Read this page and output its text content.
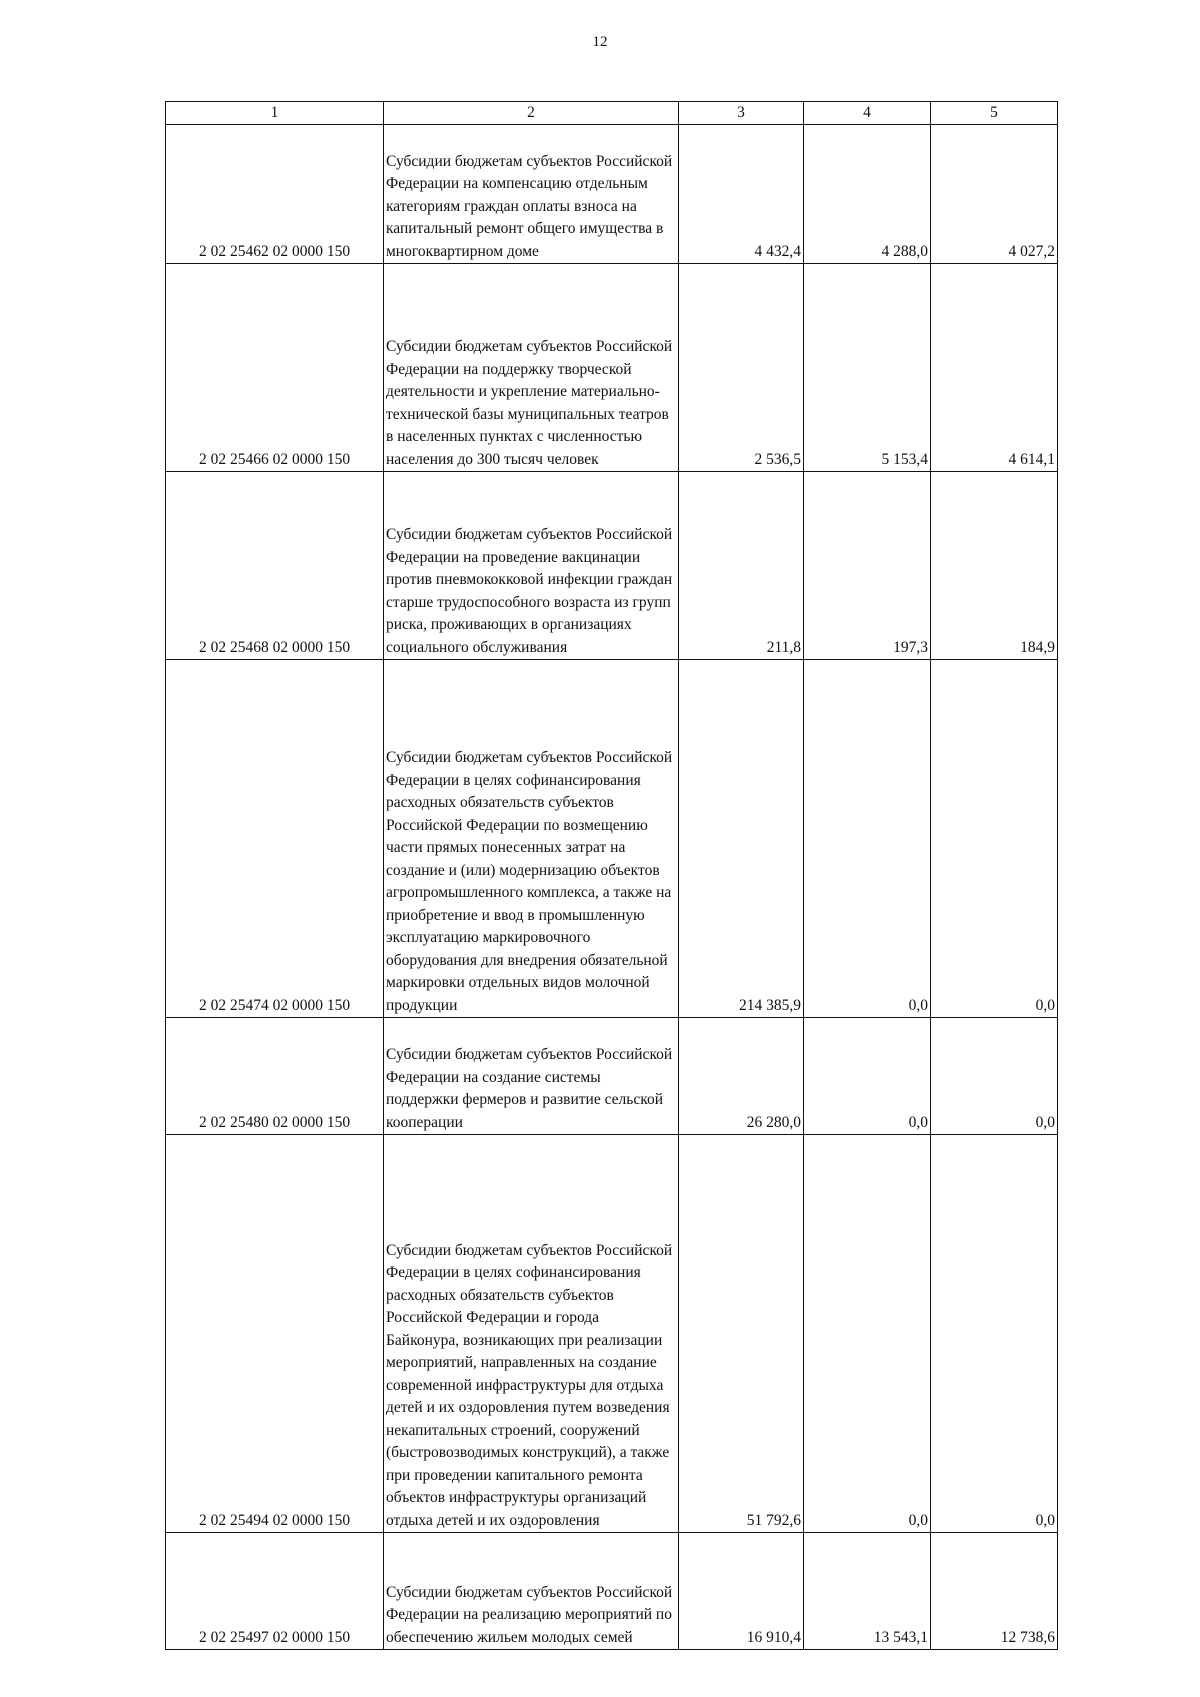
12
1	2	3	4	5
2 02 25462 02 0000 150	Субсидии бюджетам субъектов Российской Федерации на компенсацию отдельным категориям граждан оплаты взноса на капитальный ремонт общего имущества в многоквартирном доме	4 432,4	4 288,0	4 027,2
2 02 25466 02 0000 150	Субсидии бюджетам субъектов Российской Федерации на поддержку творческой деятельности и укрепление материально-технической базы муниципальных театров в населенных пунктах с численностью населения до 300 тысяч человек	2 536,5	5 153,4	4 614,1
2 02 25468 02 0000 150	Субсидии бюджетам субъектов Российской Федерации на проведение вакцинации против пневмококковой инфекции граждан старше трудоспособного возраста из групп риска, проживающих в организациях социального обслуживания	211,8	197,3	184,9
2 02 25474 02 0000 150	Субсидии бюджетам субъектов Российской Федерации в целях софинансирования расходных обязательств субъектов Российской Федерации по возмещению части прямых понесенных затрат на создание и (или) модернизацию объектов агропромышленного комплекса, а также на приобретение и ввод в промышленную эксплуатацию маркировочного оборудования для внедрения обязательной маркировки отдельных видов молочной продукции	214 385,9	0,0	0,0
2 02 25480 02 0000 150	Субсидии бюджетам субъектов Российской Федерации на создание системы поддержки фермеров и развитие сельской кооперации	26 280,0	0,0	0,0
2 02 25494 02 0000 150	Субсидии бюджетам субъектов Российской Федерации в целях софинансирования расходных обязательств субъектов Российской Федерации и города Байконура, возникающих при реализации мероприятий, направленных на создание современной инфраструктуры для отдыха детей и их оздоровления путем возведения некапитальных строений, сооружений (быстровозводимых конструкций), а также при проведении капитального ремонта объектов инфраструктуры организаций отдыха детей и их оздоровления	51 792,6	0,0	0,0
2 02 25497 02 0000 150	Субсидии бюджетам субъектов Российской Федерации на реализацию мероприятий по обеспечению жильем молодых семей	16 910,4	13 543,1	12 738,6
